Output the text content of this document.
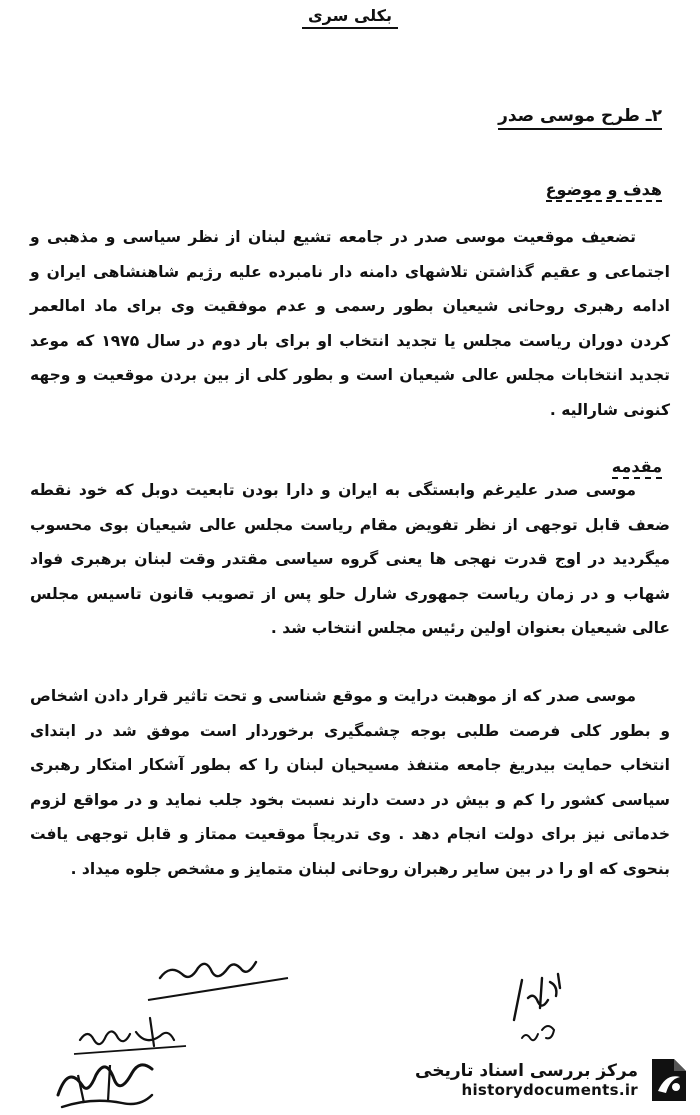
بکلی سری
۲ـ طرح موسی صدر
هدف و موضوع
تضعیف موقعیت موسی صدر در جامعه تشیع لبنان از نظر سیاسی و مذهبی و اجتماعی و عقیم گذاشتن تلاشهای دامنه دار نامبرده علیه رژیم شاهنشاهی ایران و ادامه رهبری روحانی شیعیان بطور رسمی و عدم موفقیت وی برای ماد امالعمر کردن دوران ریاست مجلس یا تجدید انتخاب او برای بار دوم در سال ۱۹۷۵ که موعد تجدید انتخابات مجلس عالی شیعیان است و بطور کلی از بین بردن موقعیت و وجهه کنونی شارالیه .
مقدمه
موسی صدر علیرغم وابستگی به ایران و دارا بودن تابعیت دوبل که خود نقطه ضعف قابل توجهی از نظر تفویض مقام ریاست مجلس عالی شیعیان بوی محسوب میگردید در اوج قدرت نهجی ها یعنی گروه سیاسی مقتدر وقت لبنان برهبری فواد شهاب و در زمان ریاست جمهوری شارل حلو پس از تصویب قانون تاسیس مجلس عالی شیعیان بعنوان اولین رئیس مجلس انتخاب شد .
موسی صدر که از موهبت درایت و موقع شناسی و تحت تاثیر قرار دادن اشخاص و بطور کلی فرصت طلبی بوجه چشمگیری برخوردار است موفق شد در ابتدای انتخاب حمایت بیدریغ جامعه متنفذ مسیحیان لبنان را که بطور آشکار امتکار رهبری سیاسی کشور را کم و بیش در دست دارند نسبت بخود جلب نماید و در مواقع لزوم خدماتی نیز برای دولت انجام دهد . وی تدریجاً موقعیت ممتاز و قابل توجهی یافت بنحوی که او را در بین سایر رهبران روحانی لبنان متمایز و مشخص جلوه میداد .
مرکز بررسی اسناد تاریخی
historydocuments.ir
